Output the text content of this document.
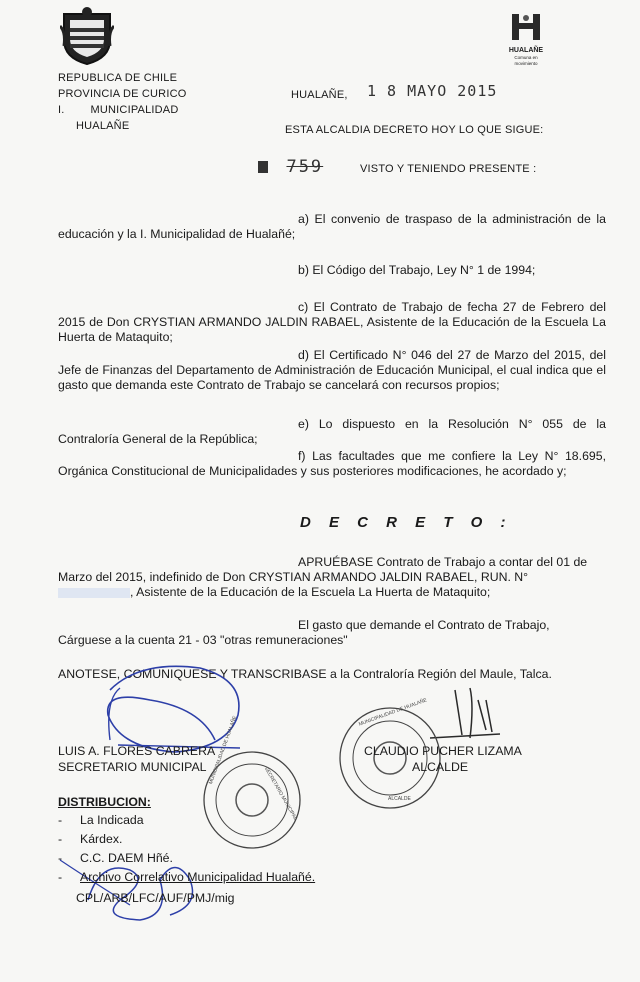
HUALAÑE
Comuna en movimiento
REPUBLICA DE CHILE
PROVINCIA DE CURICO
I. MUNICIPALIDAD
HUALAÑE
HUALAÑE, 1 8 MAYO 2015
ESTA ALCALDIA DECRETO HOY LO QUE SIGUE:
759	VISTO Y TENIENDO PRESENTE :
a) El convenio de traspaso de la administración de la educación y la I. Municipalidad de Hualañé;
b) El Código del Trabajo, Ley N° 1 de 1994;
c) El Contrato de Trabajo de fecha 27 de Febrero del 2015 de Don CRYSTIAN ARMANDO JALDIN RABAEL, Asistente de la Educación de la Escuela La Huerta de Mataquito;
d) El Certificado N° 046 del 27 de Marzo del 2015, del Jefe de Finanzas del Departamento de Administración de Educación Municipal, el cual indica que el gasto que demanda este Contrato de Trabajo se cancelará con recursos propios;
e) Lo dispuesto en la Resolución N° 055 de la Contraloría General de la República;
f) Las facultades que me confiere la Ley N° 18.695, Orgánica Constitucional de Municipalidades y sus posteriores modificaciones, he acordado y;
D E C R E T O :
APRUÉBASE Contrato de Trabajo a contar del 01 de
Marzo del 2015, indefinido de Don CRYSTIAN ARMANDO JALDIN RABAEL, RUN. N°
, Asistente de la Educación de la Escuela La Huerta de Mataquito;
El gasto que demande el Contrato de Trabajo,
Cárguese a la cuenta 21 - 03 "otras remuneraciones"
ANOTESE, COMUNIQUESE Y TRANSCRIBASE a la Contraloría Región del Maule, Talca.
LUIS A. FLORES CABRERA
SECRETARIO MUNICIPAL
CLAUDIO PUCHER LIZAMA
ALCALDE
MUNICIPALIDAD DE HUALAÑE
SECRETARIO MUNICIPAL
MUNICIPALIDAD DE HUALAÑE
ALCALDE
DISTRIBUCION:
- La Indicada
- Kárdex.
- C.C. DAEM Hñé.
- Archivo Correlativo Municipalidad Hualañé.
CPL/ARB/LFC/AUF/PMJ/mig
